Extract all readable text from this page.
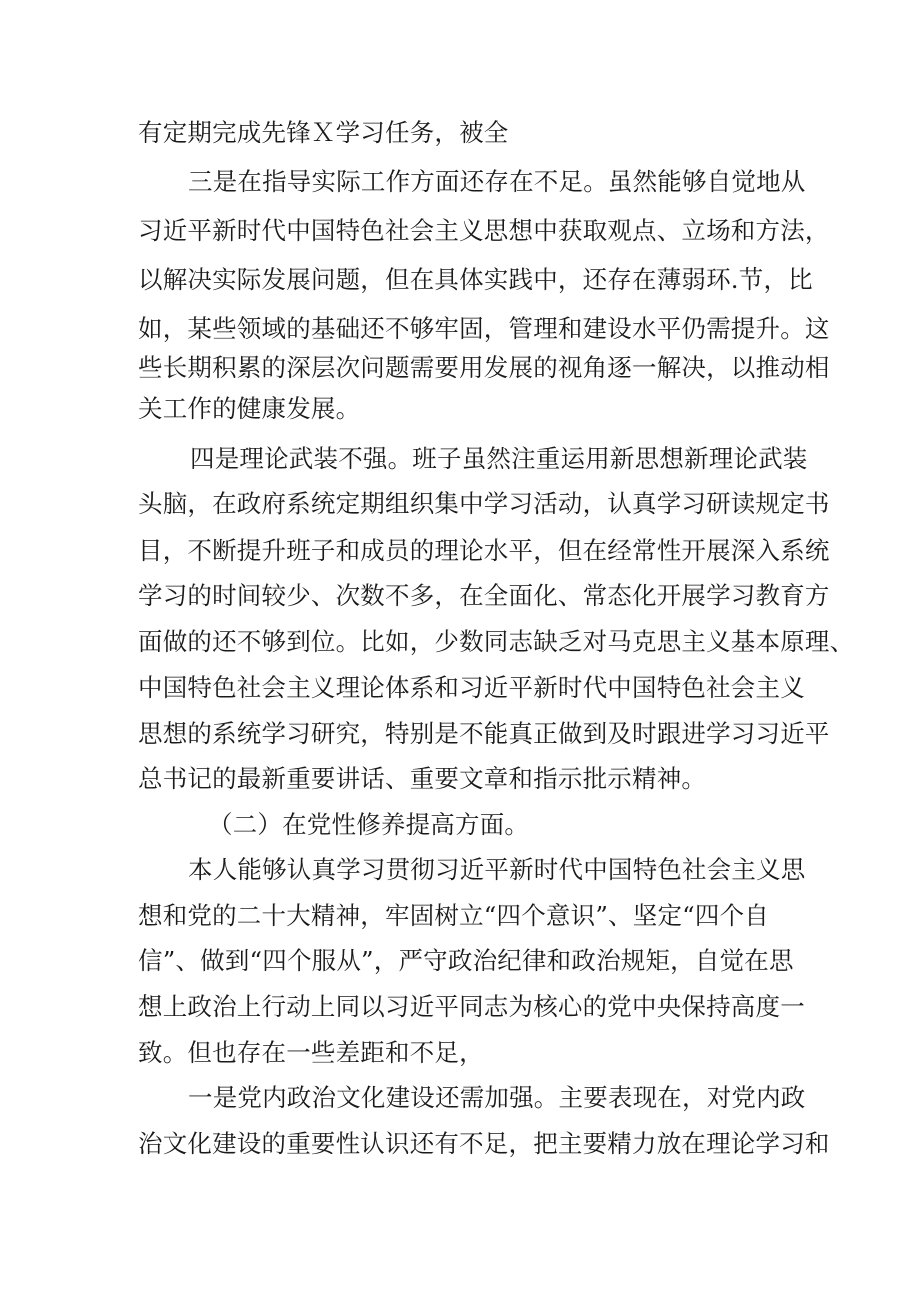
有定期完成先锋Ｘ学习任务，被全
三是在指导实际工作方面还存在不足。虽然能够自觉地从
习近平新时代中国特色社会主义思想中获取观点、立场和方法，
以解决实际发展问题，但在具体实践中，还存在薄弱环.节，比
如，某些领域的基础还不够牢固，管理和建设水平仍需提升。这
些长期积累的深层次问题需要用发展的视角逐一解决，以推动相
关工作的健康发展。
四是理论武装不强。班子虽然注重运用新思想新理论武装
头脑，在政府系统定期组织集中学习活动，认真学习研读规定书
目，不断提升班子和成员的理论水平，但在经常性开展深入系统
学习的时间较少、次数不多，在全面化、常态化开展学习教育方
面做的还不够到位。比如，少数同志缺乏对马克思主义基本原理、
中国特色社会主义理论体系和习近平新时代中国特色社会主义
思想的系统学习研究，特别是不能真正做到及时跟进学习习近平
总书记的最新重要讲话、重要文章和指示批示精神。
（二）在党性修养提高方面。
本人能够认真学习贯彻习近平新时代中国特色社会主义思
想和党的二十大精神，牢固树立“四个意识”、坚定“四个自
信”、做到“四个服从”，严守政治纪律和政治规矩，自觉在思
想上政治上行动上同以习近平同志为核心的党中央保持高度一
致。但也存在一些差距和不足，
一是党内政治文化建设还需加强。主要表现在，对党内政
治文化建设的重要性认识还有不足，把主要精力放在理论学习和
